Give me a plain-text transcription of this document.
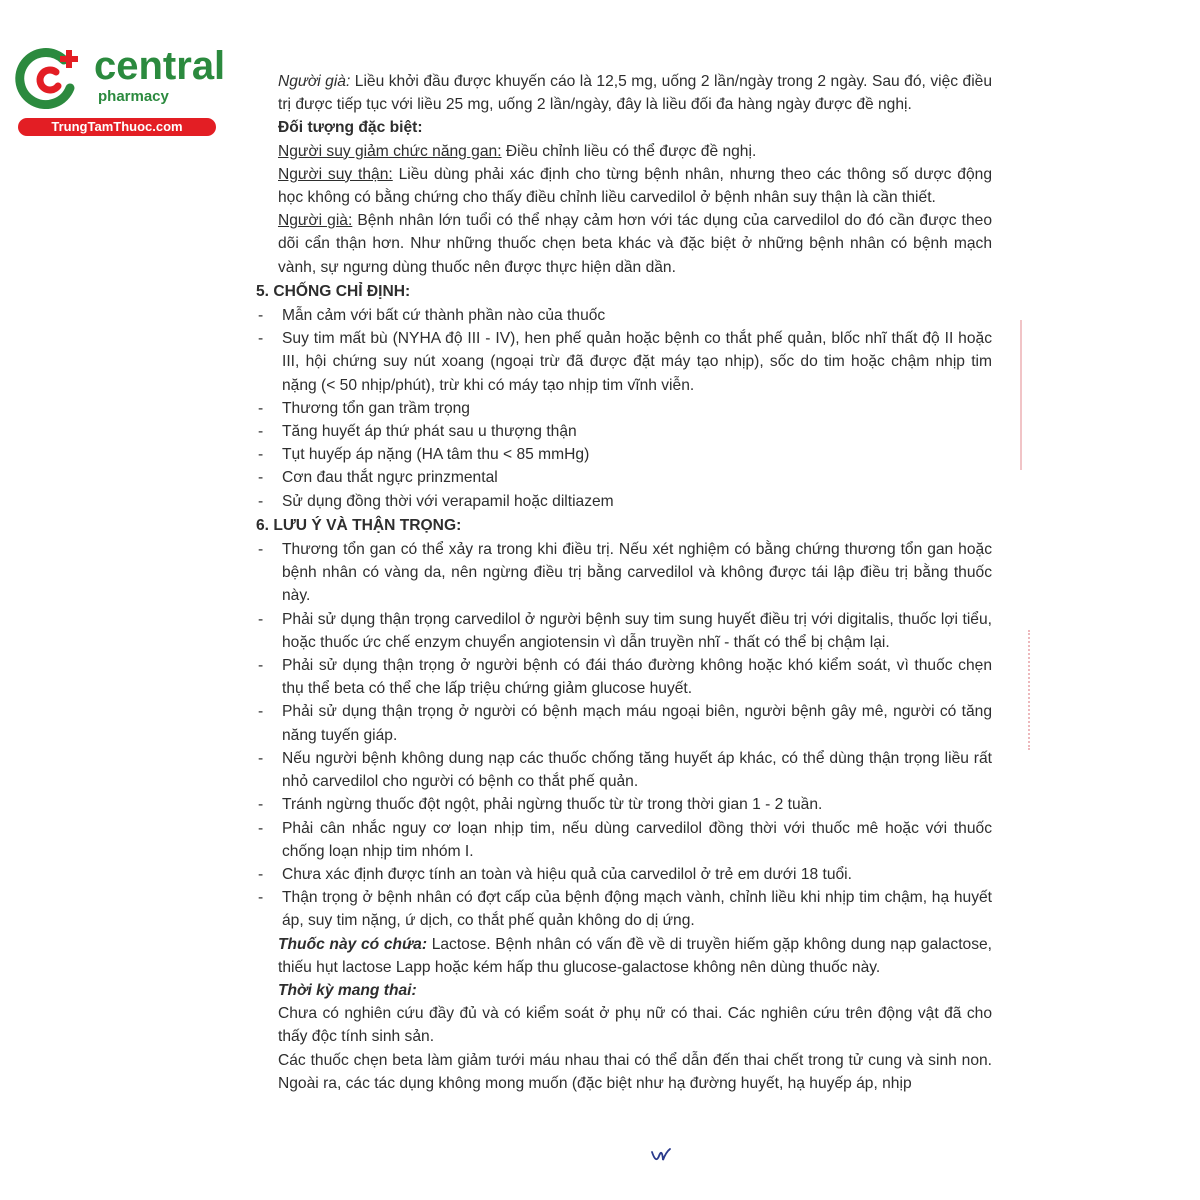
central
pharmacy
TrungTamThuoc.com

Người già: Liều khởi đầu được khuyến cáo là 12,5 mg, uống 2 lần/ngày trong 2 ngày. Sau đó, việc điều trị được tiếp tục với liều 25 mg, uống 2 lần/ngày, đây là liều đối đa hàng ngày được đề nghị.

Đối tượng đặc biệt:

Người suy giảm chức năng gan: Điều chỉnh liều có thể được đề nghị.

Người suy thận: Liều dùng phải xác định cho từng bệnh nhân, nhưng theo các thông số dược động học không có bằng chứng cho thấy điều chỉnh liều carvedilol ở bệnh nhân suy thận là cần thiết.

Người già: Bệnh nhân lớn tuổi có thể nhạy cảm hơn với tác dụng của carvedilol do đó cần được theo dõi cẩn thận hơn. Như những thuốc chẹn beta khác và đặc biệt ở những bệnh nhân có bệnh mạch vành, sự ngưng dùng thuốc nên được thực hiện dần dần.

5. CHỐNG CHỈ ĐỊNH:
- Mẫn cảm với bất cứ thành phần nào của thuốc
- Suy tim mất bù (NYHA độ III - IV), hen phế quản hoặc bệnh co thắt phế quản, blốc nhĩ thất độ II hoặc III, hội chứng suy nút xoang (ngoại trừ đã được đặt máy tạo nhịp), sốc do tim hoặc chậm nhịp tim nặng (< 50 nhịp/phút), trừ khi có máy tạo nhịp tim vĩnh viễn.
- Thương tổn gan trầm trọng
- Tăng huyết áp thứ phát sau u thượng thận
- Tụt huyếp áp nặng (HA tâm thu < 85 mmHg)
- Cơn đau thắt ngực prinzmental
- Sử dụng đồng thời với verapamil hoặc diltiazem
6. LƯU Ý VÀ THẬN TRỌNG:
- Thương tổn gan có thể xảy ra trong khi điều trị. Nếu xét nghiệm có bằng chứng thương tổn gan hoặc bệnh nhân có vàng da, nên ngừng điều trị bằng carvedilol và không được tái lập điều trị bằng thuốc này.
- Phải sử dụng thận trọng carvedilol ở người bệnh suy tim sung huyết điều trị với digitalis, thuốc lợi tiểu, hoặc thuốc ức chế enzym chuyển angiotensin vì dẫn truyền nhĩ - thất có thể bị chậm lại.
- Phải sử dụng thận trọng ở người bệnh có đái tháo đường không hoặc khó kiểm soát, vì thuốc chẹn thụ thể beta có thể che lấp triệu chứng giảm glucose huyết.
- Phải sử dụng thận trọng ở người có bệnh mạch máu ngoại biên, người bệnh gây mê, người có tăng năng tuyến giáp.
- Nếu người bệnh không dung nạp các thuốc chống tăng huyết áp khác, có thể dùng thận trọng liều rất nhỏ carvedilol cho người có bệnh co thắt phế quản.
- Tránh ngừng thuốc đột ngột, phải ngừng thuốc từ từ trong thời gian 1 - 2 tuần.
- Phải cân nhắc nguy cơ loạn nhịp tim, nếu dùng carvedilol đồng thời với thuốc mê hoặc với thuốc chống loạn nhịp tim nhóm I.
- Chưa xác định được tính an toàn và hiệu quả của carvedilol ở trẻ em dưới 18 tuổi.
- Thận trọng ở bệnh nhân có đợt cấp của bệnh động mạch vành, chỉnh liều khi nhịp tim chậm, hạ huyết áp, suy tim nặng, ứ dịch, co thắt phế quản không do dị ứng.

Thuốc này có chứa: Lactose. Bệnh nhân có vấn đề về di truyền hiếm gặp không dung nạp galactose, thiếu hụt lactose Lapp hoặc kém hấp thu glucose-galactose không nên dùng thuốc này.

Thời kỳ mang thai:

Chưa có nghiên cứu đầy đủ và có kiểm soát ở phụ nữ có thai. Các nghiên cứu trên động vật đã cho thấy độc tính sinh sản.

Các thuốc chẹn beta làm giảm tưới máu nhau thai có thể dẫn đến thai chết trong tử cung và sinh non. Ngoài ra, các tác dụng không mong muốn (đặc biệt như hạ đường huyết, hạ huyếp áp, nhịp
